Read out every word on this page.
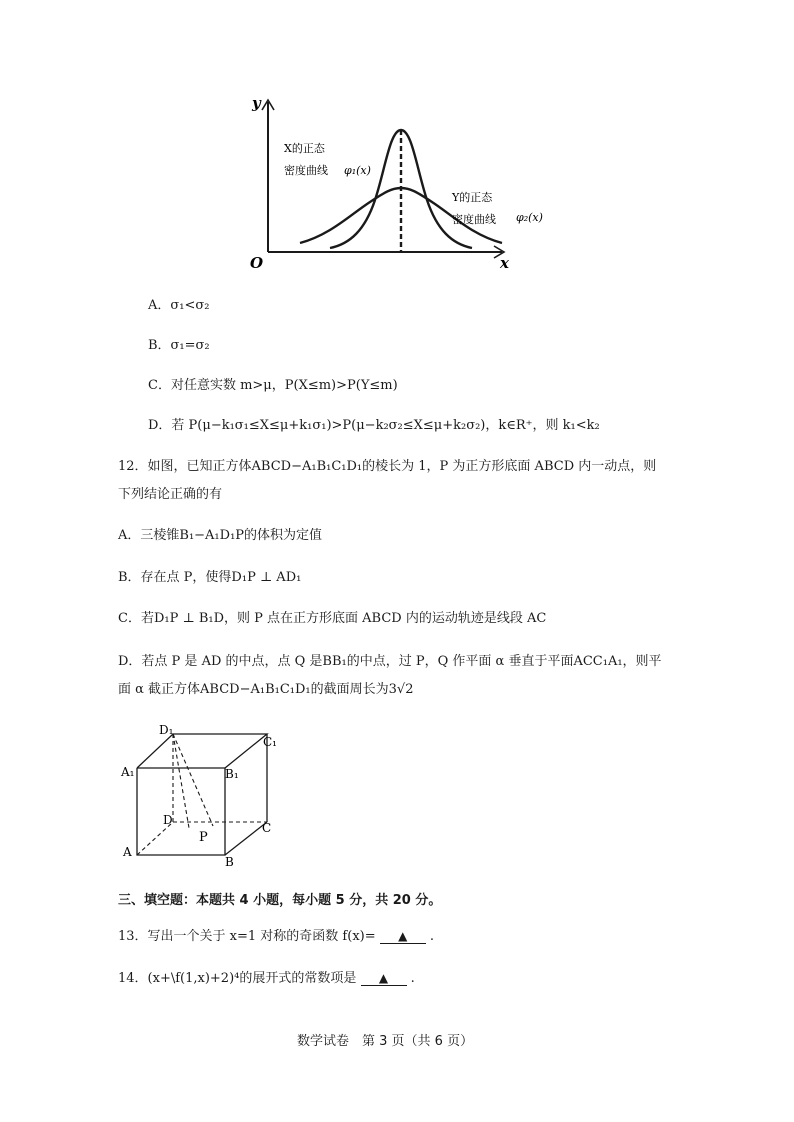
y
x
O
X的正态
密度曲线 φ₁(x)
Y的正态
密度曲线 φ₂(x)
A．σ₁<σ₂
B．σ₁=σ₂
C．对任意实数 m>μ，P(X≤m)>P(Y≤m)
D．若 P(μ−k₁σ₁≤X≤μ+k₁σ₁)>P(μ−k₂σ₂≤X≤μ+k₂σ₂)，k∈R⁺，则 k₁<k₂
12．如图，已知正方体ABCD−A₁B₁C₁D₁的棱长为 1，P 为正方形底面 ABCD 内一动点，则
下列结论正确的有
A．三棱锥B₁−A₁D₁P的体积为定值
B．存在点 P，使得D₁P ⊥ AD₁
C．若D₁P ⊥ B₁D，则 P 点在正方形底面 ABCD 内的运动轨迹是线段 AC
D．若点 P 是 AD 的中点，点 Q 是BB₁的中点，过 P，Q 作平面 α 垂直于平面ACC₁A₁，则平
面 α 截正方体ABCD−A₁B₁C₁D₁的截面周长为3√2
D₁
C₁
A₁	B₁
D
C
P
A
B
三、填空题：本题共 4 小题，每小题 5 分，共 20 分。
13．写出一个关于 x=1 对称的奇函数 f(x)= ▲ .
14．(x+\f(1,x)+2)⁴的展开式的常数项是 ▲ .
数学试卷　第 3 页（共 6 页）
